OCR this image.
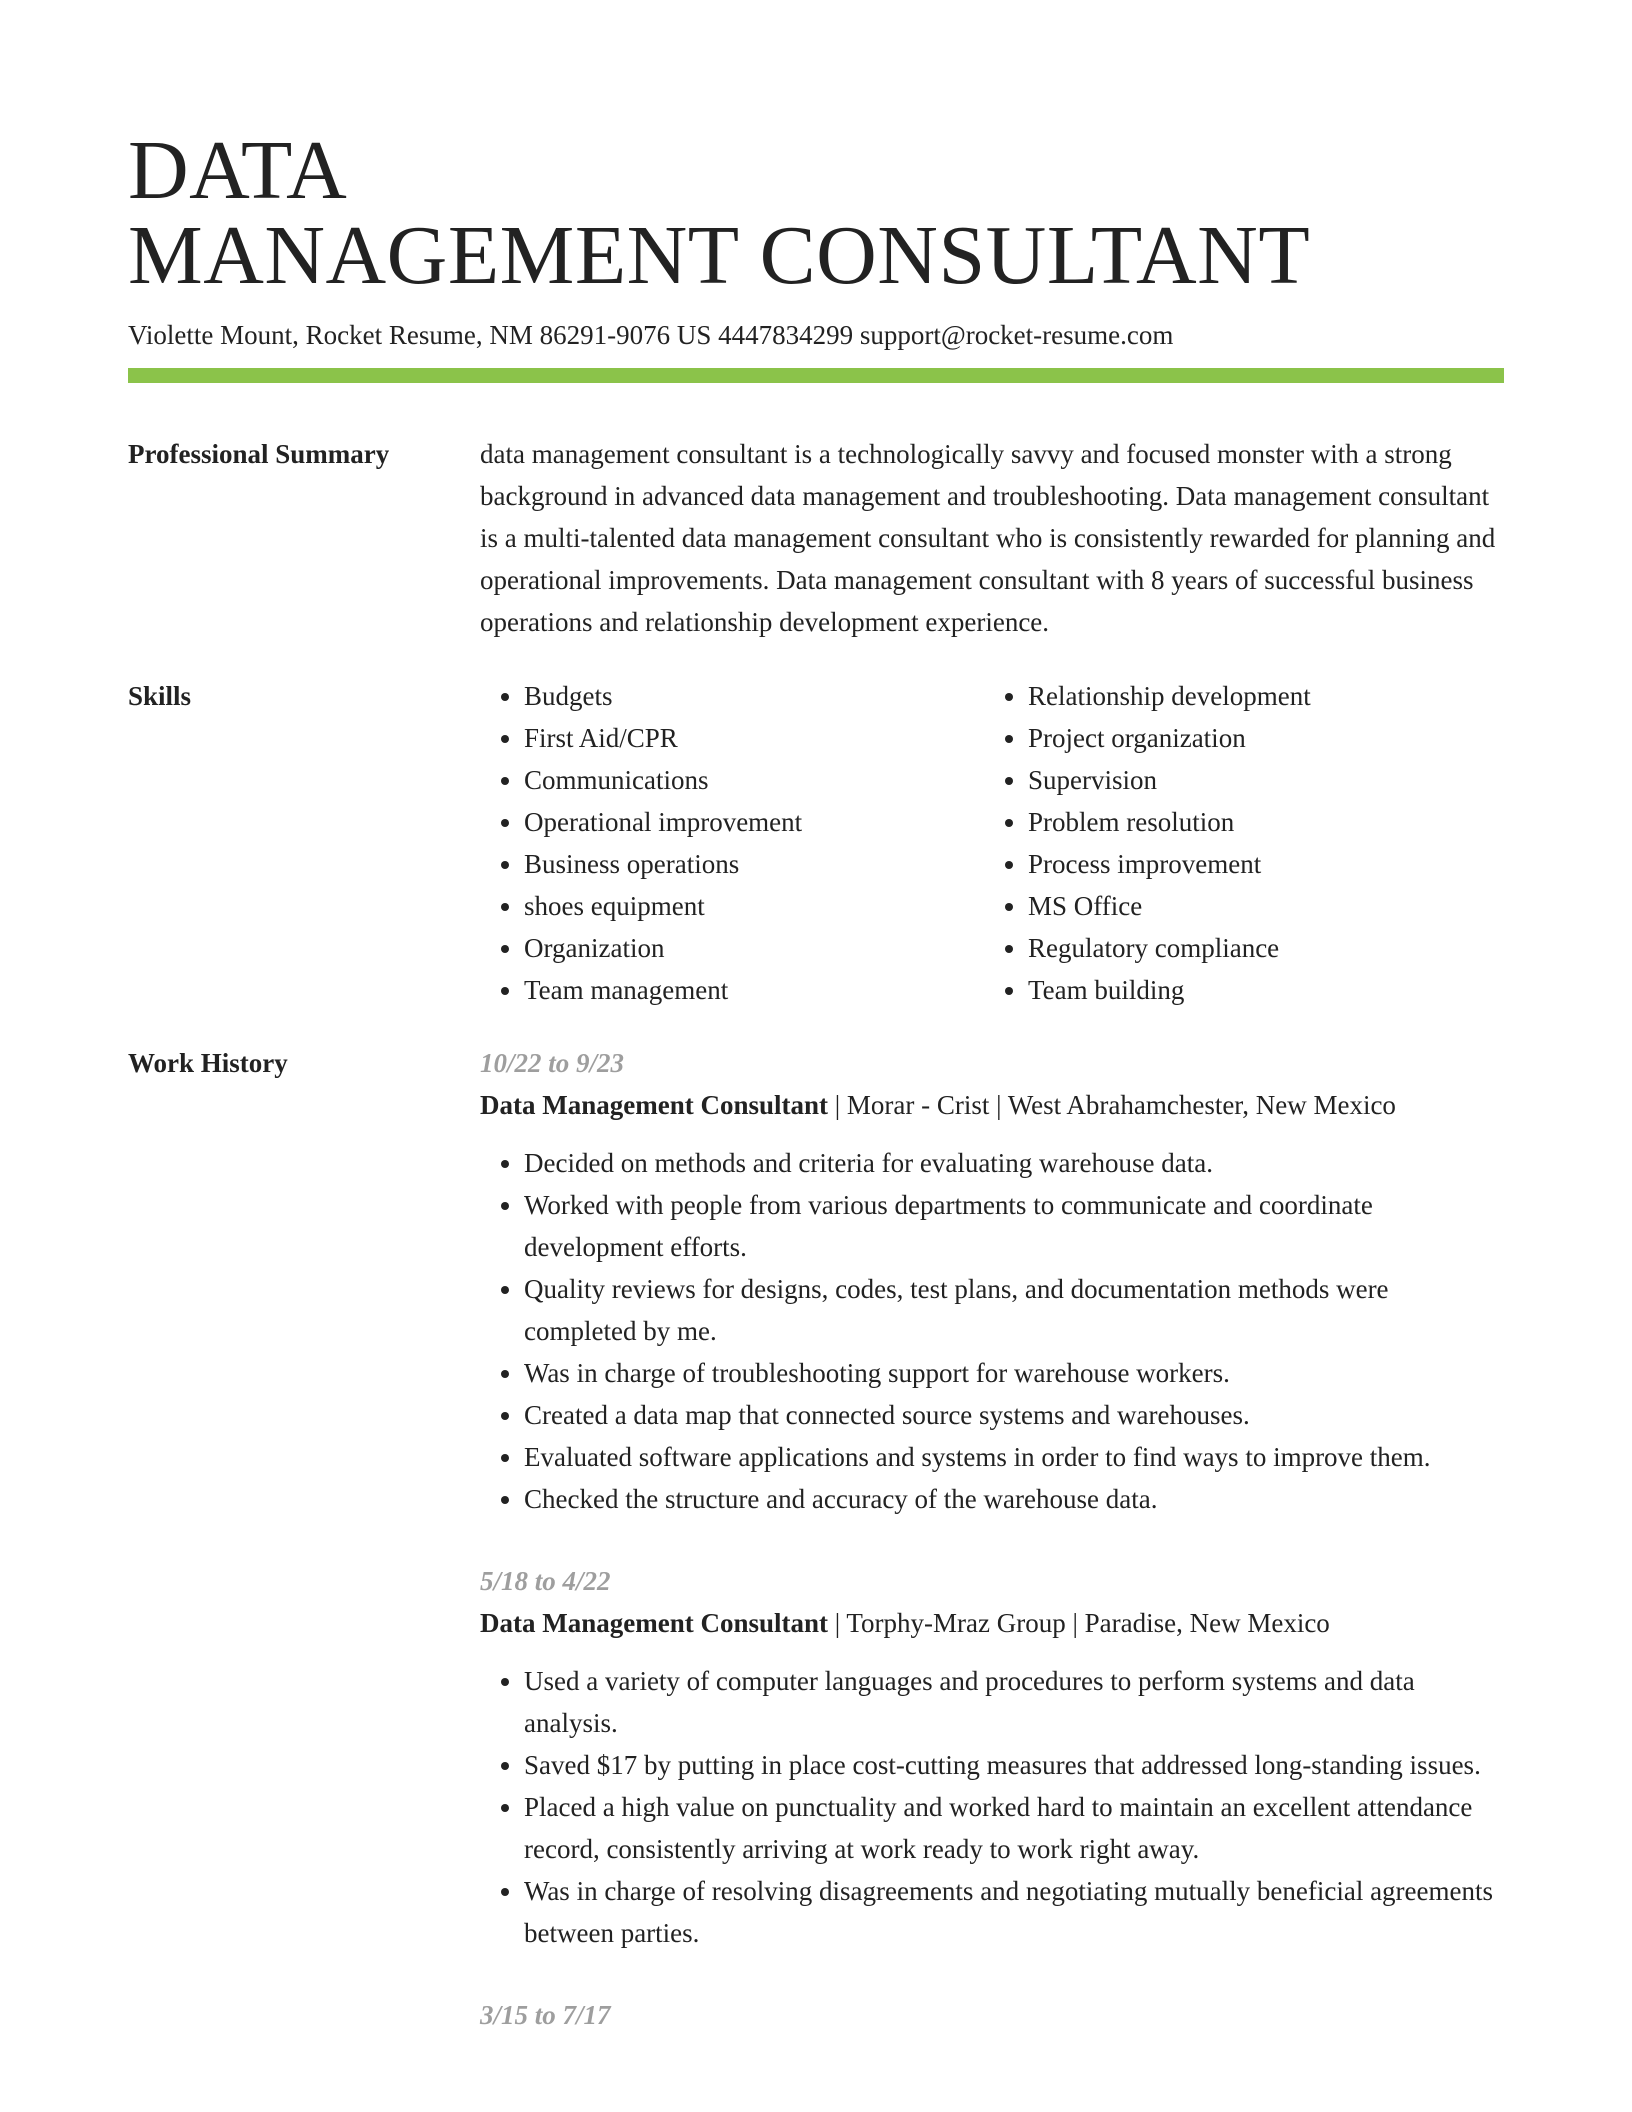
DATA
MANAGEMENT CONSULTANT
Violette Mount, Rocket Resume, NM 86291-9076 US 4447834299 support@rocket-resume.com
Professional Summary	data management consultant is a technologically savvy and focused monster with a strong background in advanced data management and troubleshooting. Data management consultant is a multi-talented data management consultant who is consistently rewarded for planning and operational improvements. Data management consultant with 8 years of successful business operations and relationship development experience.
Skills	• Budgets
• First Aid/CPR
• Communications
• Operational improvement
• Business operations
• shoes equipment
• Organization
• Team management
• Relationship development
• Project organization
• Supervision
• Problem resolution
• Process improvement
• MS Office
• Regulatory compliance
• Team building
Work History	10/22 to 9/23
Data Management Consultant | Morar - Crist | West Abrahamchester, New Mexico
• Decided on methods and criteria for evaluating warehouse data.
• Worked with people from various departments to communicate and coordinate development efforts.
• Quality reviews for designs, codes, test plans, and documentation methods were completed by me.
• Was in charge of troubleshooting support for warehouse workers.
• Created a data map that connected source systems and warehouses.
• Evaluated software applications and systems in order to find ways to improve them.
• Checked the structure and accuracy of the warehouse data.
5/18 to 4/22
Data Management Consultant | Torphy-Mraz Group | Paradise, New Mexico
• Used a variety of computer languages and procedures to perform systems and data analysis.
• Saved $17 by putting in place cost-cutting measures that addressed long-standing issues.
• Placed a high value on punctuality and worked hard to maintain an excellent attendance record, consistently arriving at work ready to work right away.
• Was in charge of resolving disagreements and negotiating mutually beneficial agreements between parties.
3/15 to 7/17
